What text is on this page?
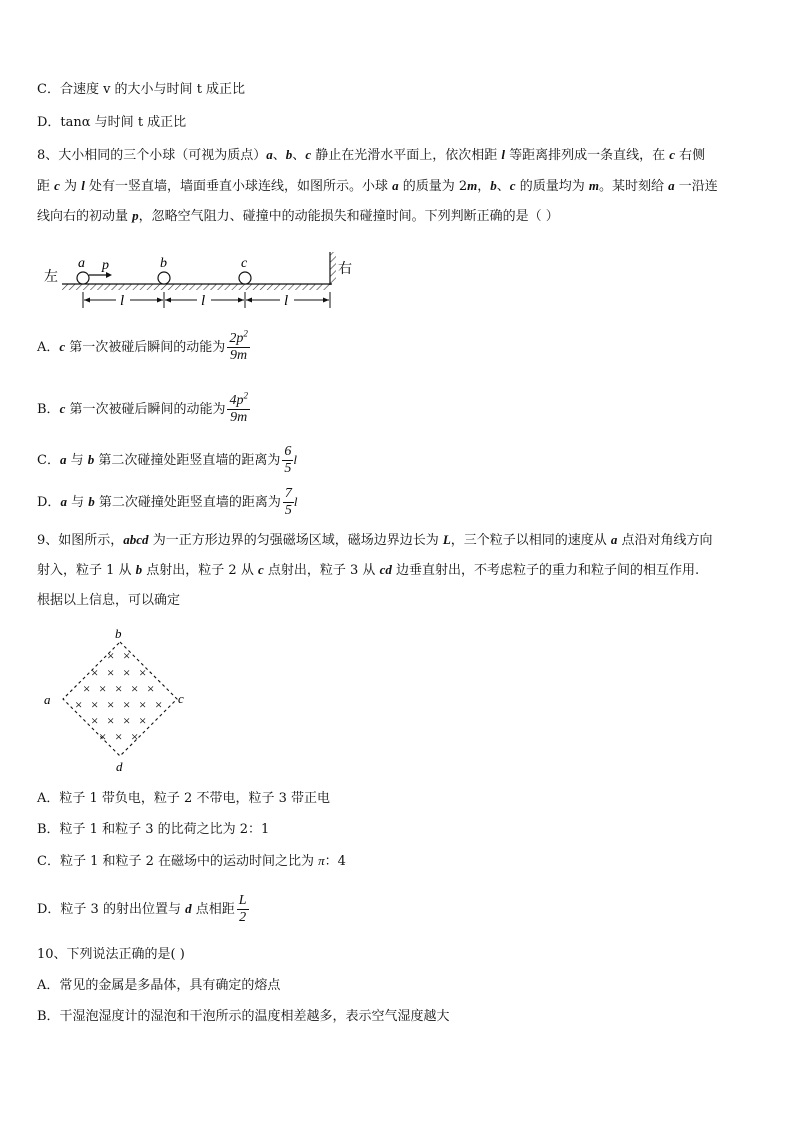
C．合速度 v 的大小与时间 t 成正比
D．tanα 与时间 t 成正比
8、大小相同的三个小球（可视为质点）a、b、c 静止在光滑水平面上，依次相距 l 等距离排列成一条直线，在 c 右侧
距 c 为 l 处有一竖直墙，墙面垂直小球连线，如图所示。小球 a 的质量为 2m，b、c 的质量均为 m。某时刻给 a 一沿连
线向右的初动量 p，忽略空气阻力、碰撞中的动能损失和碰撞时间。下列判断正确的是（ ）
左
右
a	b	c
p
l	l	l
A．c 第一次被碰后瞬间的动能为 $\frac{2p^2}{9m}$
B．c 第一次被碰后瞬间的动能为 $\frac{4p^2}{9m}$
C．a 与 b 第二次碰撞处距竖直墙的距离为 $\frac{6}{5}$ l
D．a 与 b 第二次碰撞处距竖直墙的距离为 $\frac{7}{5}$ l
9、如图所示，abcd 为一正方形边界的匀强磁场区域，磁场边界边长为 L，三个粒子以相同的速度从 a 点沿对角线方向
射入，粒子 1 从 b 点射出，粒子 2 从 c 点射出，粒子 3 从 cd 边垂直射出，不考虑粒子的重力和粒子间的相互作用.
根据以上信息，可以确定
a
b
c
d
× ×
× × × ×
× × × × ×
× × × × × ×
× × × ×
× × ×
A．粒子 1 带负电，粒子 2 不带电，粒子 3 带正电
B．粒子 1 和粒子 3 的比荷之比为 2：1
C．粒子 1 和粒子 2 在磁场中的运动时间之比为 π：4
D．粒子 3 的射出位置与 d 点相距 $\frac{L}{2}$
10、下列说法正确的是( )
A．常见的金属是多晶体，具有确定的熔点
B．干湿泡湿度计的湿泡和干泡所示的温度相差越多，表示空气湿度越大
